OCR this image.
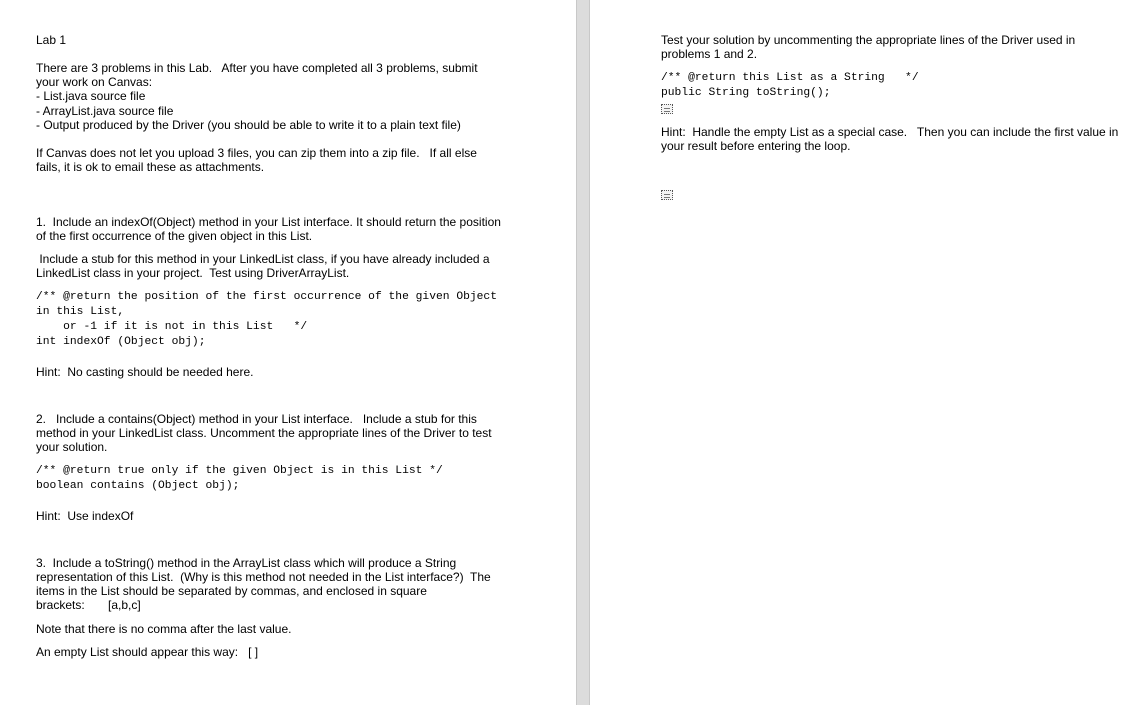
Lab 1
There are 3 problems in this Lab.   After you have completed all 3 problems, submit
your work on Canvas:
- List.java source file
- ArrayList.java source file
- Output produced by the Driver (you should be able to write it to a plain text file)
If Canvas does not let you upload 3 files, you can zip them into a zip file.   If all else
fails, it is ok to email these as attachments.
1.  Include an indexOf(Object) method in your List interface. It should return the position
of the first occurrence of the given object in this List.
Include a stub for this method in your LinkedList class, if you have already included a
LinkedList class in your project.  Test using DriverArrayList.
/** @return the position of the first occurrence of the given Object
in this List,
or -1 if it is not in this List   */
int indexOf (Object obj);
Hint:  No casting should be needed here.
2.   Include a contains(Object) method in your List interface.   Include a stub for this
method in your LinkedList class. Uncomment the appropriate lines of the Driver to test
your solution.
/** @return true only if the given Object is in this List */
boolean contains (Object obj);
Hint:  Use indexOf
3.  Include a toString() method in the ArrayList class which will produce a String
representation of this List.  (Why is this method not needed in the List interface?)  The
items in the List should be separated by commas, and enclosed in square
brackets:       [a,b,c]
Note that there is no comma after the last value.
An empty List should appear this way:   [ ]
Test your solution by uncommenting the appropriate lines of the Driver used in
problems 1 and 2.
/** @return this List as a String   */
public String toString();
Hint:  Handle the empty List as a special case.   Then you can include the first value in
your result before entering the loop.
